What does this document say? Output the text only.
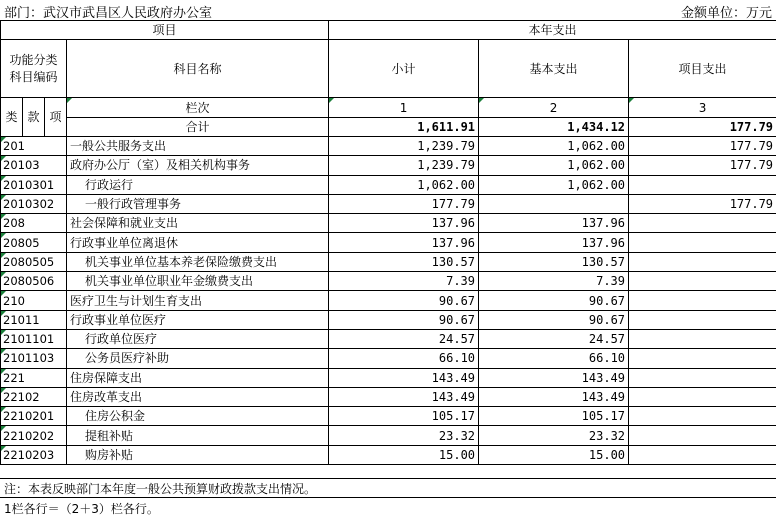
部门：武汉市武昌区人民政府办公室	金额单位：万元
项目				本年支出		
功能分类科目编码			科目名称	小计	基本支出	项目支出
类	款	项	栏次	1	2	3
			合计	1,611.91	1,434.12	177.79
201			一般公共服务支出	1,239.79	1,062.00	177.79
20103			政府办公厅（室）及相关机构事务	1,239.79	1,062.00	177.79
2010301			行政运行	1,062.00	1,062.00	
2010302			一般行政管理事务	177.79		177.79
208			社会保障和就业支出	137.96	137.96	
20805			行政事业单位离退休	137.96	137.96	
2080505			机关事业单位基本养老保险缴费支出	130.57	130.57	
2080506			机关事业单位职业年金缴费支出	7.39	7.39	
210			医疗卫生与计划生育支出	90.67	90.67	
21011			行政事业单位医疗	90.67	90.67	
2101101			行政单位医疗	24.57	24.57	
2101103			公务员医疗补助	66.10	66.10	
221			住房保障支出	143.49	143.49	
22102			住房改革支出	143.49	143.49	
2210201			住房公积金	105.17	105.17	
2210202			提租补贴	23.32	23.32	
2210203			购房补贴	15.00	15.00	
注：本表反映部门本年度一般公共预算财政拨款支出情况。
1栏各行＝（2＋3）栏各行。
